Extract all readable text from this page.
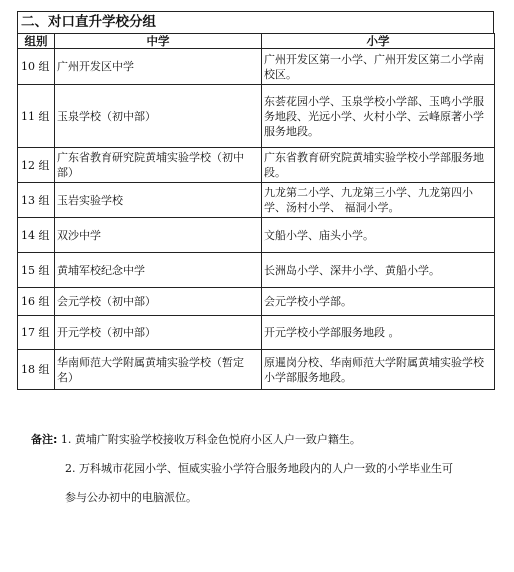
二、对口直升学校分组
组别	中学	小学
10 组	广州开发区中学	广州开发区第一小学、广州开发区第二小学南校区。
11 组	玉泉学校（初中部）	东荟花园小学、玉泉学校小学部、玉鸣小学服务地段、光远小学、火村小学、云峰原著小学服务地段。
12 组	广东省教育研究院黄埔实验学校（初中部）	广东省教育研究院黄埔实验学校小学部服务地段。
13 组	玉岩实验学校	九龙第二小学、九龙第三小学、九龙第四小学、汤村小学、 福洞小学。
14 组	双沙中学	文船小学、庙头小学。
15 组	黄埔军校纪念中学	长洲岛小学、深井小学、黄船小学。
16 组	会元学校（初中部）	会元学校小学部。
17 组	开元学校（初中部）	开元学校小学部服务地段 。
18 组	华南师范大学附属黄埔实验学校（暂定名）	原暹岗分校、华南师范大学附属黄埔实验学校小学部服务地段。
备注: 1. 黄埔广附实验学校接收万科金色悦府小区人户一致户籍生。
2. 万科城市花园小学、恒威实验小学符合服务地段内的人户一致的小学毕业生可
参与公办初中的电脑派位。
